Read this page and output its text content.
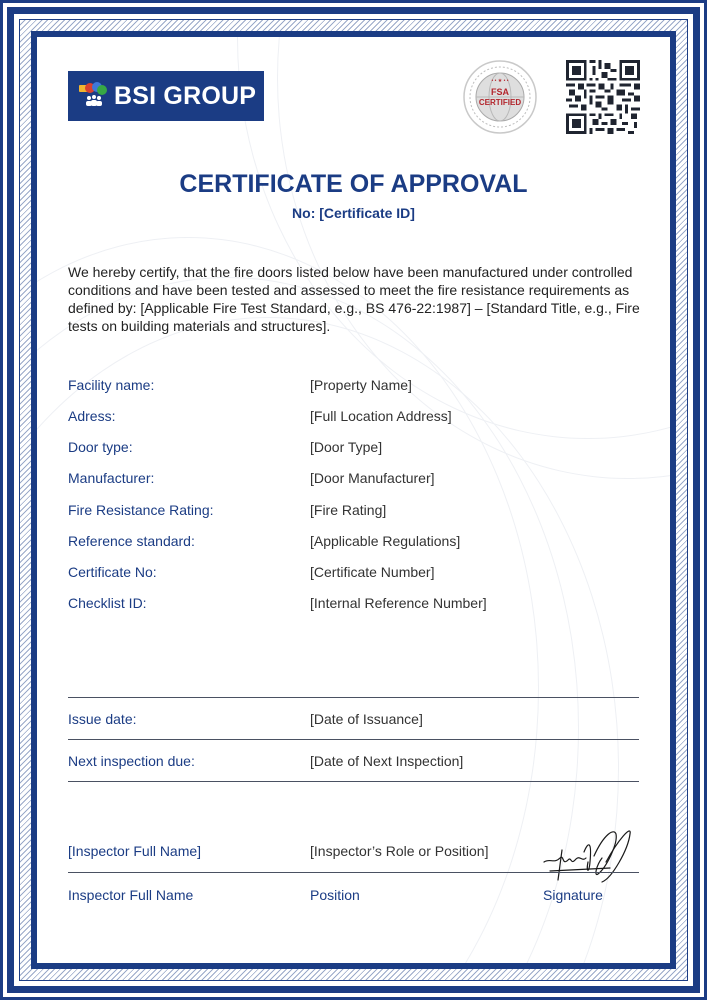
BSI GROUP
• • ★ • •
FSA
CERTIFIED
CERTIFICATE OF APPROVAL
No: [Certificate ID]
We hereby certify, that the fire doors listed below have been manufactured under controlled conditions and have been tested and assessed to meet the fire resistance requirements as defined by: [Applicable Fire Test Standard, e.g., BS 476-22:1987] – [Standard Title, e.g., Fire tests on building materials and structures].
Facility name:	[Property Name]
Adress:	[Full Location Address]
Door type:	[Door Type]
Manufacturer:	[Door Manufacturer]
Fire Resistance Rating:	[Fire Rating]
Reference standard:	[Applicable Regulations]
Certificate No:	[Certificate Number]
Checklist ID:	[Internal Reference Number]
Issue date:	[Date of Issuance]
Next inspection due:	[Date of Next Inspection]
[Inspector Full Name]	[Inspector’s Role or Position]
Inspector Full Name	Position	Signature
